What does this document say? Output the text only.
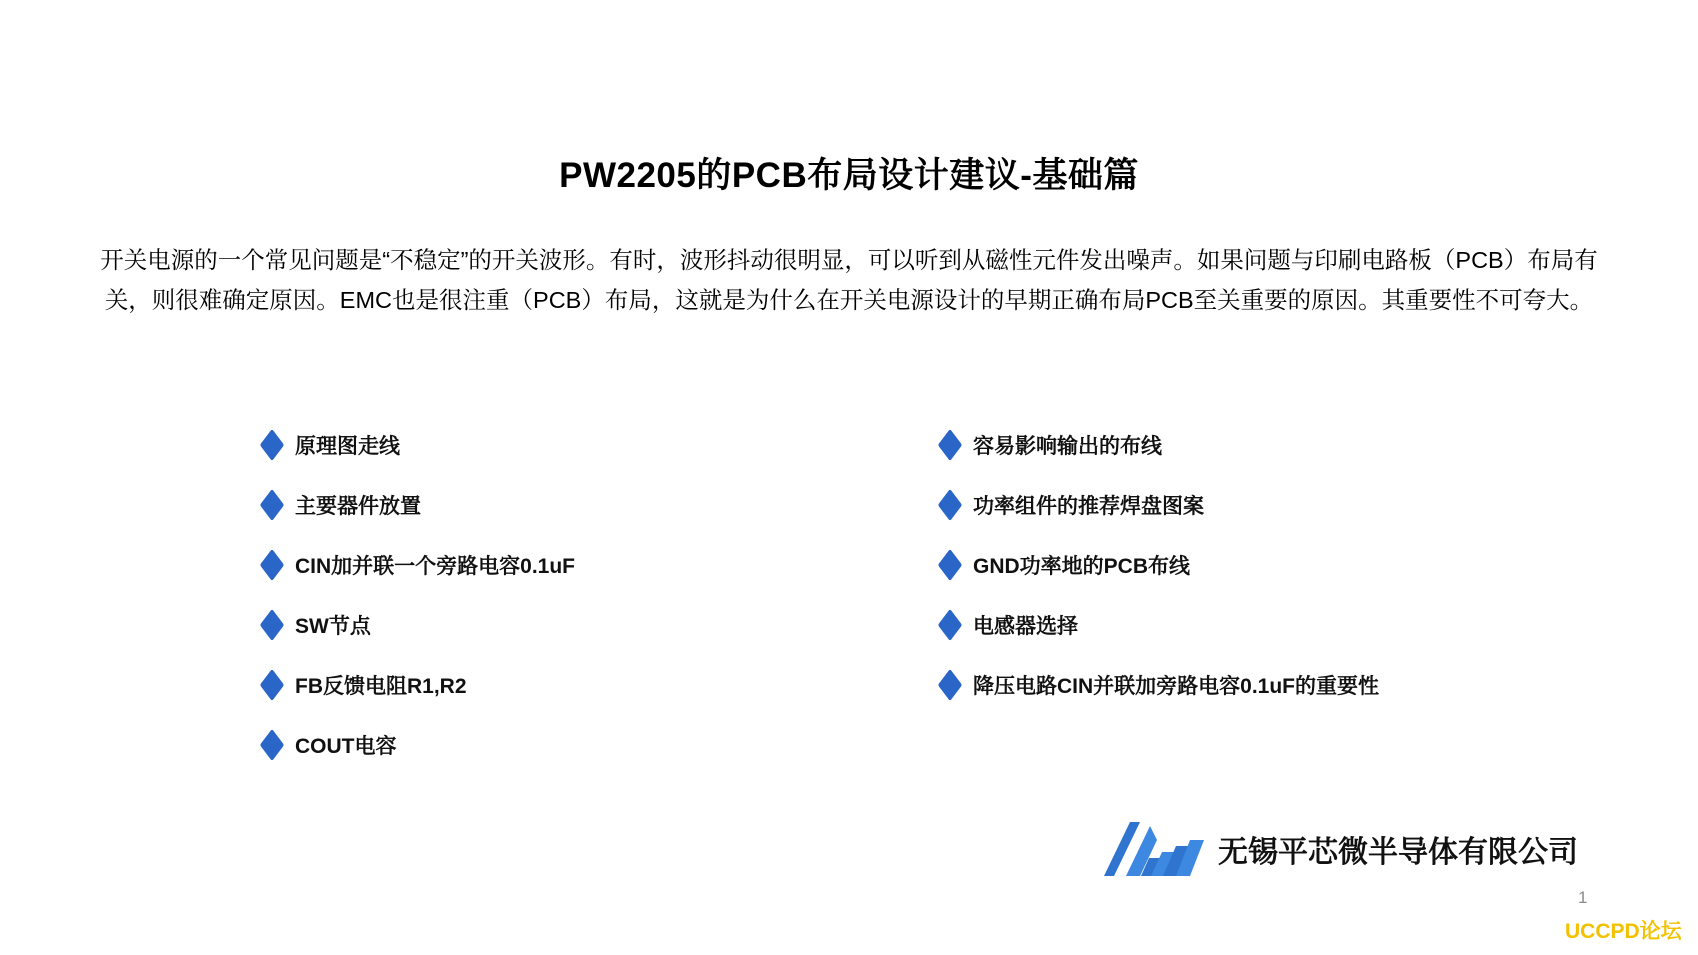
PW2205的PCB布局设计建议-基础篇
开关电源的一个常见问题是“不稳定”的开关波形。有时，波形抖动很明显，可以听到从磁性元件发出噪声。如果问题与印刷电路板（PCB）布局有关，则很难确定原因。EMC也是很注重（PCB）布局，这就是为什么在开关电源设计的早期正确布局PCB至关重要的原因。其重要性不可夸大。
原理图走线
主要器件放置
CIN加并联一个旁路电容0.1uF
SW节点
FB反馈电阻R1,R2
COUT电容
容易影响输出的布线
功率组件的推荐焊盘图案
GND功率地的PCB布线
电感器选择
降压电路CIN并联加旁路电容0.1uF的重要性
无锡平芯微半导体有限公司
1
UCCPD论坛
